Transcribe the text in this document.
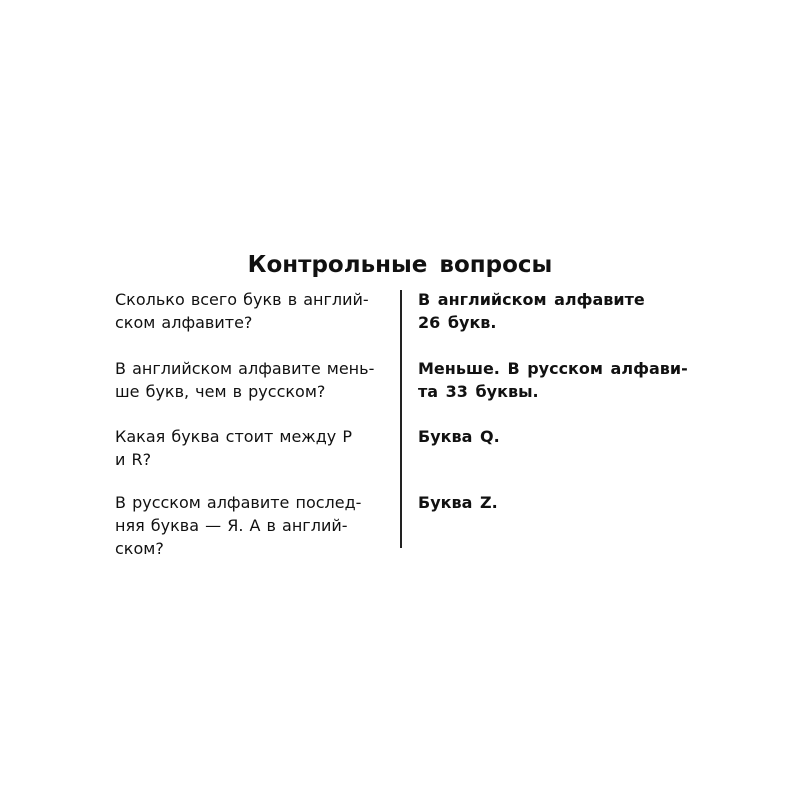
Контрольные вопросы

Сколько всего букв в англий-
ском алфавите?

В английском алфавите
26 букв.

В английском алфавите мень-
ше букв, чем в русском?

Меньше. В русском алфави-
та 33 буквы.

Какая буква стоит между P
и R?

Буква Q.

В русском алфавите послед-
няя буква — Я. А в англий-
ском?

Буква Z.
